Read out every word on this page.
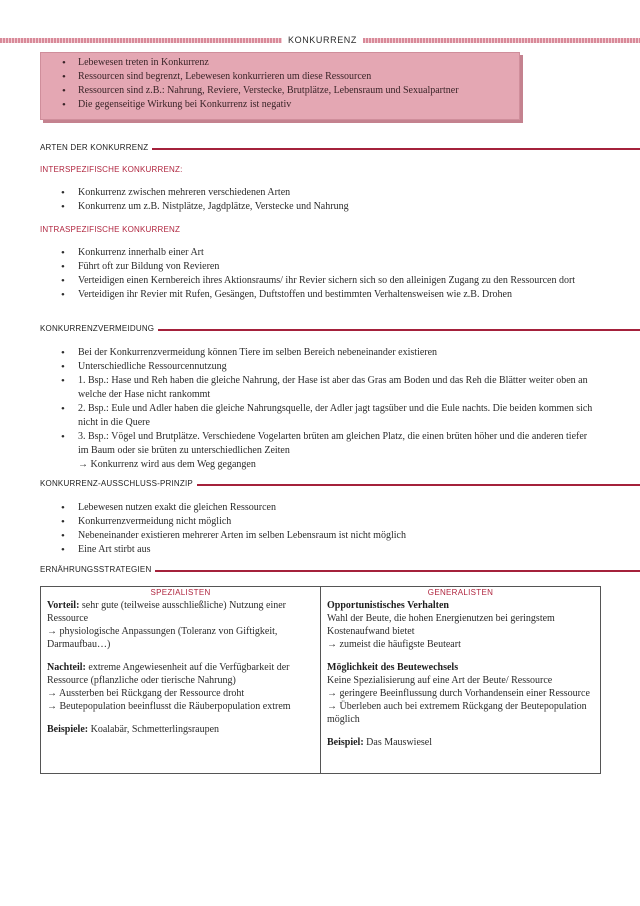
KONKURRENZ
• Lebewesen treten in Konkurrenz
• Ressourcen sind begrenzt, Lebewesen konkurrieren um diese Ressourcen
• Ressourcen sind z.B.: Nahrung, Reviere, Verstecke, Brutplätze, Lebensraum und Sexualpartner
• Die gegenseitige Wirkung bei Konkurrenz ist negativ
ARTEN DER KONKURRENZ
INTERSPEZIFISCHE KONKURRENZ:
• Konkurrenz zwischen mehreren verschiedenen Arten
• Konkurrenz um z.B. Nistplätze, Jagdplätze, Verstecke und Nahrung
INTRASPEZIFISCHE KONKURRENZ
• Konkurrenz innerhalb einer Art
• Führt oft zur Bildung von Revieren
• Verteidigen einen Kernbereich ihres Aktionsraums/ ihr Revier sichern sich so den alleinigen Zugang zu den Ressourcen dort
• Verteidigen ihr Revier mit Rufen, Gesängen, Duftstoffen und bestimmten Verhaltensweisen wie z.B. Drohen
KONKURRENZVERMEIDUNG
• Bei der Konkurrenzvermeidung können Tiere im selben Bereich nebeneinander existieren
• Unterschiedliche Ressourcennutzung
• 1. Bsp.: Hase und Reh haben die gleiche Nahrung, der Hase ist aber das Gras am Boden und das Reh die Blätter weiter oben an welche der Hase nicht rankommt
• 2. Bsp.: Eule und Adler haben die gleiche Nahrungsquelle, der Adler jagt tagsüber und die Eule nachts. Die beiden kommen sich nicht in die Quere
• 3. Bsp.: Vögel und Brutplätze. Verschiedene Vogelarten brüten am gleichen Platz, die einen brüten höher und die anderen tiefer im Baum oder sie brüten zu unterschiedlichen Zeiten
→ Konkurrenz wird aus dem Weg gegangen
KONKURRENZ-AUSSCHLUSS-PRINZIP
• Lebewesen nutzen exakt die gleichen Ressourcen
• Konkurrenzvermeidung nicht möglich
• Nebeneinander existieren mehrerer Arten im selben Lebensraum ist nicht möglich
• Eine Art stirbt aus
ERNÄHRUNGSSTRATEGIEN
SPEZIALISTEN
Vorteil: sehr gute (teilweise ausschließliche) Nutzung einer Ressource
→ physiologische Anpassungen (Toleranz von Giftigkeit, Darmaufbau…)
Nachteil: extreme Angewiesenheit auf die Verfügbarkeit der Ressource (pflanzliche oder tierische Nahrung)
→ Aussterben bei Rückgang der Ressource droht
→ Beutepopulation beeinflusst die Räuberpopulation extrem
Beispiele: Koalabär, Schmetterlingsraupen
GENERALISTEN
Opportunistisches Verhalten
Wahl der Beute, die hohen Energienutzen bei geringstem Kostenaufwand bietet
→ zumeist die häufigste Beuteart
Möglichkeit des Beutewechsels
Keine Spezialisierung auf eine Art der Beute/ Ressource
→ geringere Beeinflussung durch Vorhandensein einer Ressource
→ Überleben auch bei extremem Rückgang der Beutepopulation möglich
Beispiel: Das Mauswiesel
